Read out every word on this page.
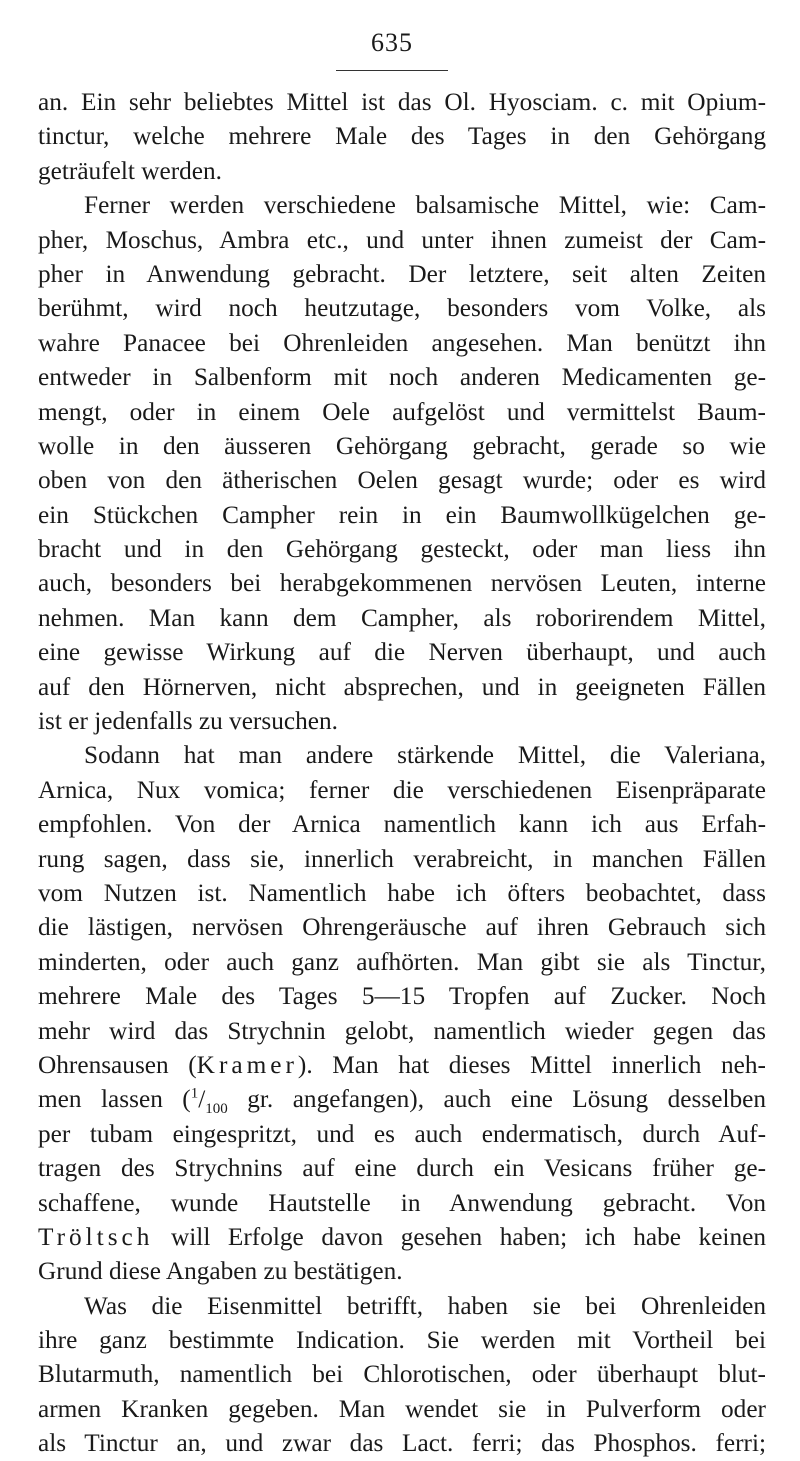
635
an. Ein sehr beliebtes Mittel ist das Ol. Hyosciam. c. mit Opium-
tinctur, welche mehrere Male des Tages in den Gehörgang
geträufelt werden.
Ferner werden verschiedene balsamische Mittel, wie: Cam-
pher, Moschus, Ambra etc., und unter ihnen zumeist der Cam-
pher in Anwendung gebracht. Der letztere, seit alten Zeiten
berühmt, wird noch heutzutage, besonders vom Volke, als
wahre Panacee bei Ohrenleiden angesehen. Man benützt ihn
entweder in Salbenform mit noch anderen Medicamenten ge-
mengt, oder in einem Oele aufgelöst und vermittelst Baum-
wolle in den äusseren Gehörgang gebracht, gerade so wie
oben von den ätherischen Oelen gesagt wurde; oder es wird
ein Stückchen Campher rein in ein Baumwollkügelchen ge-
bracht und in den Gehörgang gesteckt, oder man liess ihn
auch, besonders bei herabgekommenen nervösen Leuten, interne
nehmen. Man kann dem Campher, als roborirendem Mittel,
eine gewisse Wirkung auf die Nerven überhaupt, und auch
auf den Hörnerven, nicht absprechen, und in geeigneten Fällen
ist er jedenfalls zu versuchen.
Sodann hat man andere stärkende Mittel, die Valeriana,
Arnica, Nux vomica; ferner die verschiedenen Eisenpräparate
empfohlen. Von der Arnica namentlich kann ich aus Erfah-
rung sagen, dass sie, innerlich verabreicht, in manchen Fällen
vom Nutzen ist. Namentlich habe ich öfters beobachtet, dass
die lästigen, nervösen Ohrengeräusche auf ihren Gebrauch sich
minderten, oder auch ganz aufhörten. Man gibt sie als Tinctur,
mehrere Male des Tages 5—15 Tropfen auf Zucker. Noch
mehr wird das Strychnin gelobt, namentlich wieder gegen das
Ohrensausen (Kramer). Man hat dieses Mittel innerlich neh-
men lassen ($^1/_{100}$ gr. angefangen), auch eine Lösung desselben
per tubam eingespritzt, und es auch endermatisch, durch Auf-
tragen des Strychnins auf eine durch ein Vesicans früher ge-
schaffene, wunde Hautstelle in Anwendung gebracht. Von
Tröltsch will Erfolge davon gesehen haben; ich habe keinen
Grund diese Angaben zu bestätigen.
Was die Eisenmittel betrifft, haben sie bei Ohrenleiden
ihre ganz bestimmte Indication. Sie werden mit Vortheil bei
Blutarmuth, namentlich bei Chlorotischen, oder überhaupt blut-
armen Kranken gegeben. Man wendet sie in Pulverform oder
als Tinctur an, und zwar das Lact. ferri; das Phosphos. ferri;
